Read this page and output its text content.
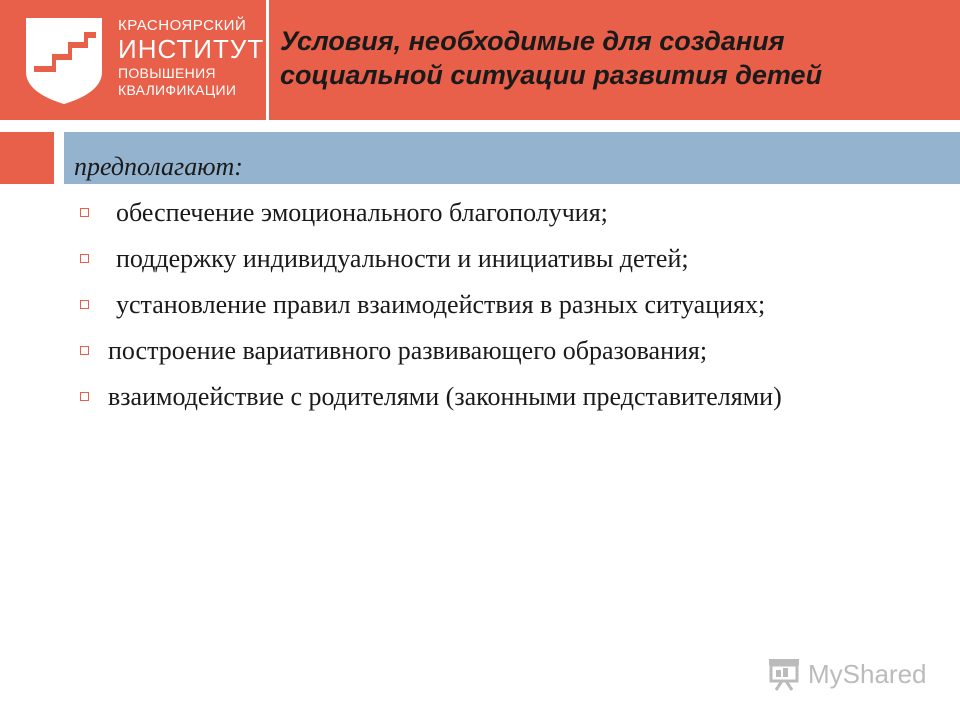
КРАСНОЯРСКИЙ
ИНСТИТУТ
ПОВЫШЕНИЯ
КВАЛИФИКАЦИИ
Условия, необходимые для создания социальной ситуации развития детей

предполагают:

обеспечение эмоционального благополучия;
поддержку индивидуальности и инициативы детей;
установление правил взаимодействия в разных ситуациях;
построение вариативного развивающего образования;
взаимодействие с родителями (законными представителями)
MyShared
